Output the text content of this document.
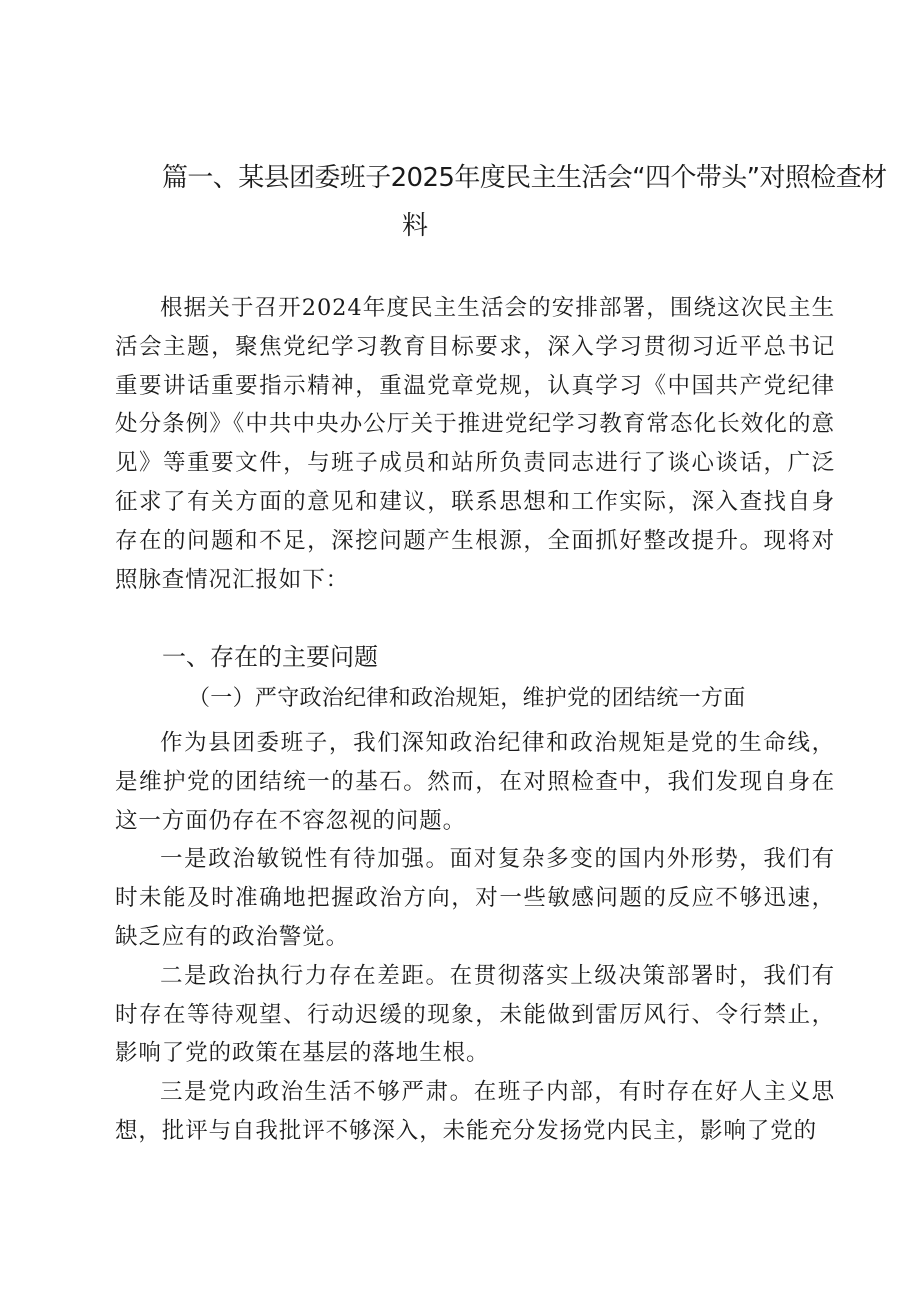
篇一、某县团委班子2025年度民主生活会“四个带头”对照检查材
料

根据关于召开2024年度民主生活会的安排部署，围绕这次民主生活会主题，聚焦党纪学习教育目标要求，深入学习贯彻习近平总书记重要讲话重要指示精神，重温党章党规，认真学习《中国共产党纪律处分条例》《中共中央办公厅关于推进党纪学习教育常态化长效化的意见》等重要文件，与班子成员和站所负责同志进行了谈心谈话，广泛征求了有关方面的意见和建议，联系思想和工作实际，深入查找自身存在的问题和不足，深挖问题产生根源，全面抓好整改提升。现将对照脉查情况汇报如下：

一、存在的主要问题
（一）严守政治纪律和政治规矩，维护党的团结统一方面

作为县团委班子，我们深知政治纪律和政治规矩是党的生命线，是维护党的团结统一的基石。然而，在对照检查中，我们发现自身在这一方面仍存在不容忽视的问题。

一是政治敏锐性有待加强。面对复杂多变的国内外形势，我们有时未能及时准确地把握政治方向，对一些敏感问题的反应不够迅速，缺乏应有的政治警觉。

二是政治执行力存在差距。在贯彻落实上级决策部署时，我们有时存在等待观望、行动迟缓的现象，未能做到雷厉风行、令行禁止，影响了党的政策在基层的落地生根。

三是党内政治生活不够严肃。在班子内部，有时存在好人主义思想，批评与自我批评不够深入，未能充分发扬党内民主，影响了党的
